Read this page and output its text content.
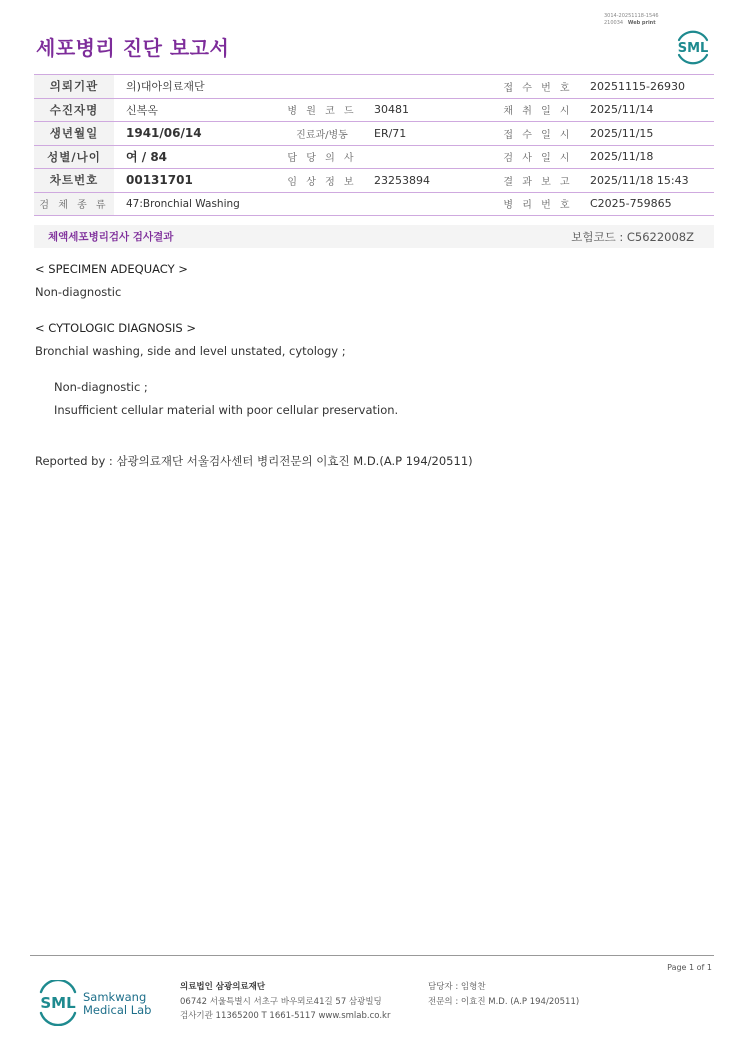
3014-20251118-1546
210034 Web print
세포병리 진단 보고서	SML
의뢰기관	의)대아의료재단			접 수 번 호	20251115-26930
수진자명	신복옥	병 원 코 드	30481	채 취 일 시	2025/11/14
생년월일	1941/06/14	진료과/병동	ER/71	접 수 일 시	2025/11/15
성별/나이	여 / 84	담 당 의 사		검 사 일 시	2025/11/18
차트번호	00131701	임 상 정 보	23253894	결 과 보 고	2025/11/18 15:43
검 체 종 류	47:Bronchial Washing			병 리 번 호	C2025-759865
체액세포병리검사 검사결과	보험코드 : C5622008Z
< SPECIMEN ADEQUACY >
Non-diagnostic
< CYTOLOGIC DIAGNOSIS >
Bronchial washing, side and level unstated, cytology ;
Non-diagnostic ;
Insufficient cellular material with poor cellular preservation.
Reported by : 삼광의료재단 서울검사센터 병리전문의 이효진 M.D.(A.P 194/20511)
Page 1 of 1
SML Samkwang
Medical Lab
의료법인 삼광의료재단
06742 서울특별시 서초구 바우뫼로41길 57 삼광빌딩
검사기관 11365200 T 1661-5117 www.smlab.co.kr
담당자 : 임형찬
전문의 : 이효진 M.D. (A.P 194/20511)
